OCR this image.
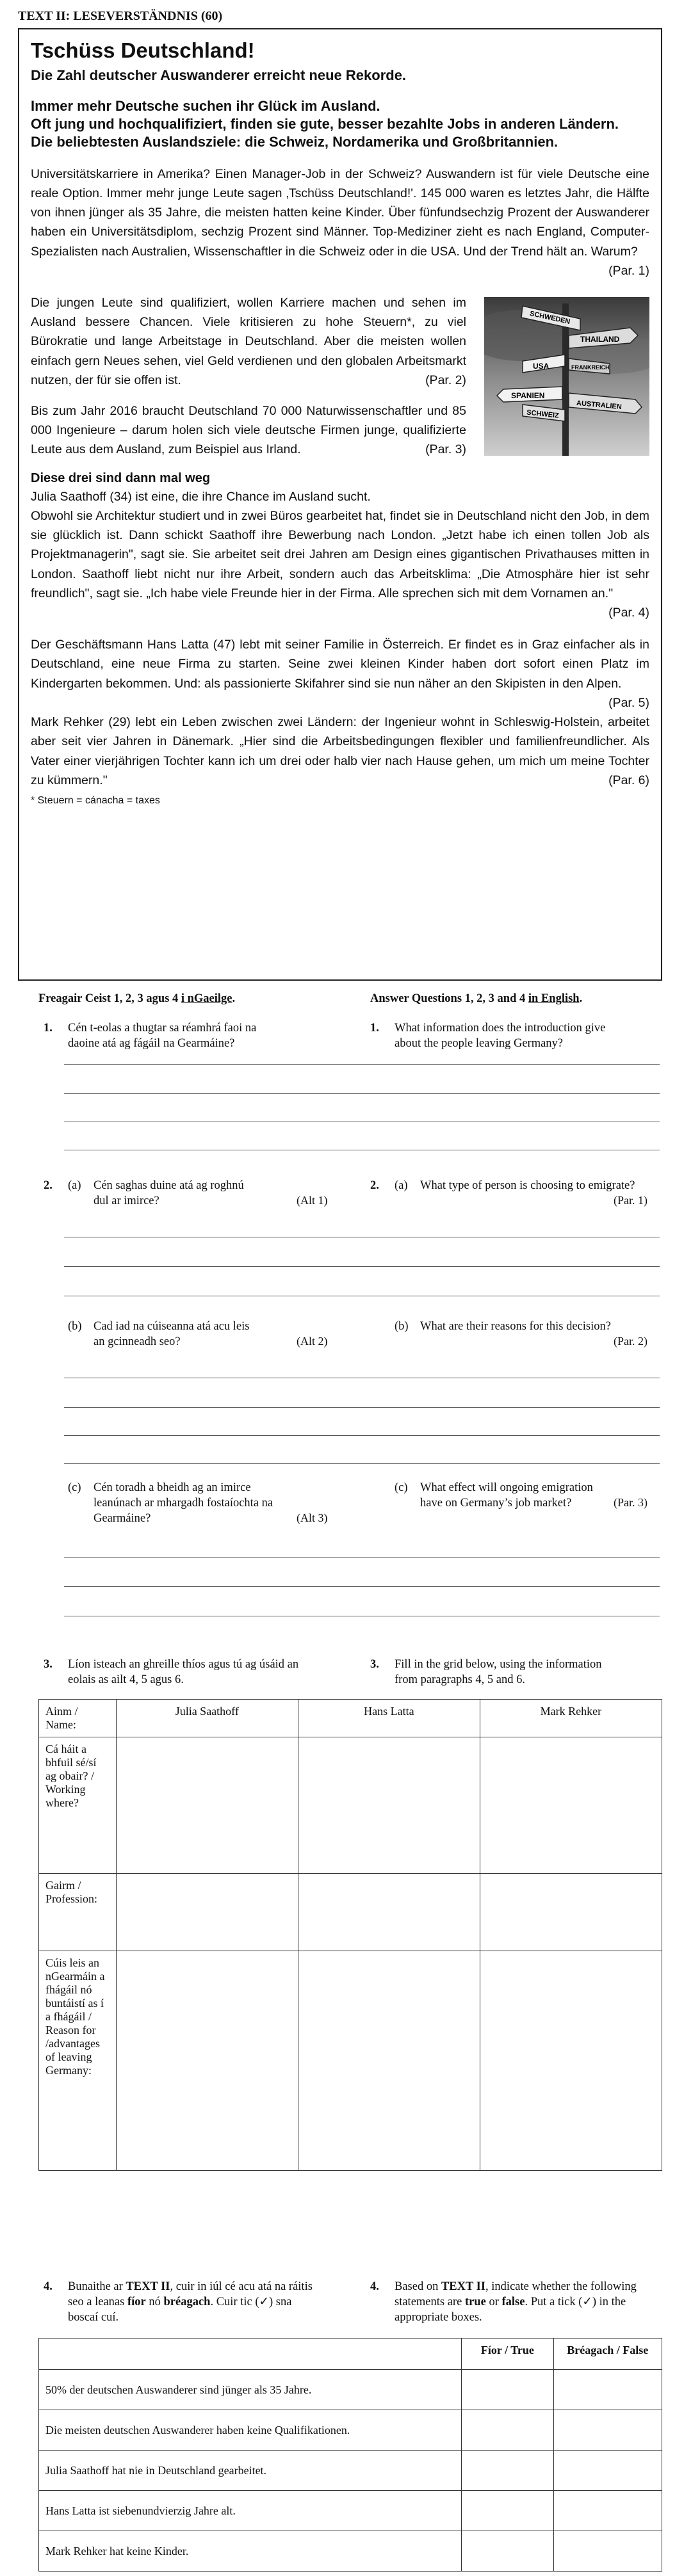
TEXT II: LESEVERSTÄNDNIS (60)
Tschüss Deutschland!

Die Zahl deutscher Auswanderer erreicht neue Rekorde.

Immer mehr Deutsche suchen ihr Glück im Ausland.

Oft jung und hochqualifiziert, finden sie gute, besser bezahlte Jobs in anderen Ländern.

Die beliebtesten Auslandsziele: die Schweiz, Nordamerika und Großbritannien.

Universitätskarriere in Amerika? Einen Manager-Job in der Schweiz? Auswandern ist für viele Deutsche eine reale Option. Immer mehr junge Leute sagen ‚Tschüss Deutschland!'. 145 000 waren es letztes Jahr, die Hälfte von ihnen jünger als 35 Jahre, die meisten hatten keine Kinder. Über fünfundsechzig Prozent der Auswanderer haben ein Universitätsdiplom, sechzig Prozent sind Männer. Top-Mediziner zieht es nach England, Computer-Spezialisten nach Australien, Wissenschaftler in die Schweiz oder in die USA. Und der Trend hält an. Warum?
(Par. 1)

SCHWEDEN
THAILAND
USA	FRANKREICH
SPANIEN
SCHWEIZ
AUSTRALIEN

Die jungen Leute sind qualifiziert, wollen Karriere machen und sehen im Ausland bessere Chancen. Viele kritisieren zu hohe Steuern*, zu viel Bürokratie und lange Arbeitstage in Deutschland. Aber die meisten wollen einfach gern Neues sehen, viel Geld verdienen und den globalen Arbeitsmarkt nutzen, der für sie offen ist.	(Par. 2)

Bis zum Jahr 2016 braucht Deutschland 70 000 Naturwissenschaftler und 85 000 Ingenieure – darum holen sich viele deutsche Firmen junge, qualifizierte Leute aus dem Ausland, zum Beispiel aus Irland.	(Par. 3)

Diese drei sind dann mal weg

Julia Saathoff (34) ist eine, die ihre Chance im Ausland sucht.

Obwohl sie Architektur studiert und in zwei Büros gearbeitet hat, findet sie in Deutschland nicht den Job, in dem sie glücklich ist. Dann schickt Saathoff ihre Bewerbung nach London. „Jetzt habe ich einen tollen Job als Projektmanagerin", sagt sie. Sie arbeitet seit drei Jahren am Design eines gigantischen Privathauses mitten in London. Saathoff liebt nicht nur ihre Arbeit, sondern auch das Arbeitsklima: „Die Atmosphäre hier ist sehr freundlich", sagt sie. „Ich habe viele Freunde hier in der Firma. Alle sprechen sich mit dem Vornamen an."
(Par. 4)

Der Geschäftsmann Hans Latta (47) lebt mit seiner Familie in Österreich. Er findet es in Graz einfacher als in Deutschland, eine neue Firma zu starten. Seine zwei kleinen Kinder haben dort sofort einen Platz im Kindergarten bekommen. Und: als passionierte Skifahrer sind sie nun näher an den Skipisten in den Alpen.
(Par. 5)

Mark Rehker (29) lebt ein Leben zwischen zwei Ländern: der Ingenieur wohnt in Schleswig-Holstein, arbeitet aber seit vier Jahren in Dänemark. „Hier sind die Arbeitsbedingungen flexibler und familienfreundlicher. Als Vater einer vierjährigen Tochter kann ich um drei oder halb vier nach Hause gehen, um mich um meine Tochter zu kümmern."	(Par. 6)

* Steuern = cánacha = taxes
Freagair Ceist 1, 2, 3 agus 4 i nGaeilge.	Answer Questions 1, 2, 3 and 4 in English.
1. Cén t-eolas a thugtar sa réamhrá faoi na daoine atá ag fágáil na Gearmáine?
1. What information does the introduction give about the people leaving Germany?
2. (a) Cén saghas duine atá ag roghnú dul ar imirce?	(Alt 1)
2. (a) What type of person is choosing to emigrate?
(Par. 1)
(b) Cad iad na cúiseanna atá acu leis an gcinneadh seo?	(Alt 2)
(b) What are their reasons for this decision?
(Par. 2)
(c) Cén toradh a bheidh ag an imirce leanúnach ar mhargadh fostaíochta na Gearmáine?	(Alt 3)
(c) What effect will ongoing emigration have on Germany’s job market?	(Par. 3)
3. Líon isteach an ghreille thíos agus tú ag úsáid an eolais as ailt 4, 5 agus 6.
3. Fill in the grid below, using the information from paragraphs 4, 5 and 6.
Ainm / Name:	Julia Saathoff	Hans Latta	Mark Rehker
Cá háit a bhfuil sé/sí ag obair? / Working where?			
Gairm / Profession:			
Cúis leis an nGearmáin a fhágáil nó buntáistí as í a fhágáil / Reason for /advantages of leaving Germany:			
4. Bunaithe ar TEXT II, cuir in iúl cé acu atá na ráitis seo a leanas fíor nó bréagach. Cuir tic (✓) sna boscaí cuí.
4. Based on TEXT II, indicate whether the following statements are true or false. Put a tick (✓) in the appropriate boxes.
	Fíor / True	Bréagach / False
50% der deutschen Auswanderer sind jünger als 35 Jahre.		
Die meisten deutschen Auswanderer haben keine Qualifikationen.		
Julia Saathoff hat nie in Deutschland gearbeitet.		
Hans Latta ist siebenundvierzig Jahre alt.		
Mark Rehker hat keine Kinder.		
